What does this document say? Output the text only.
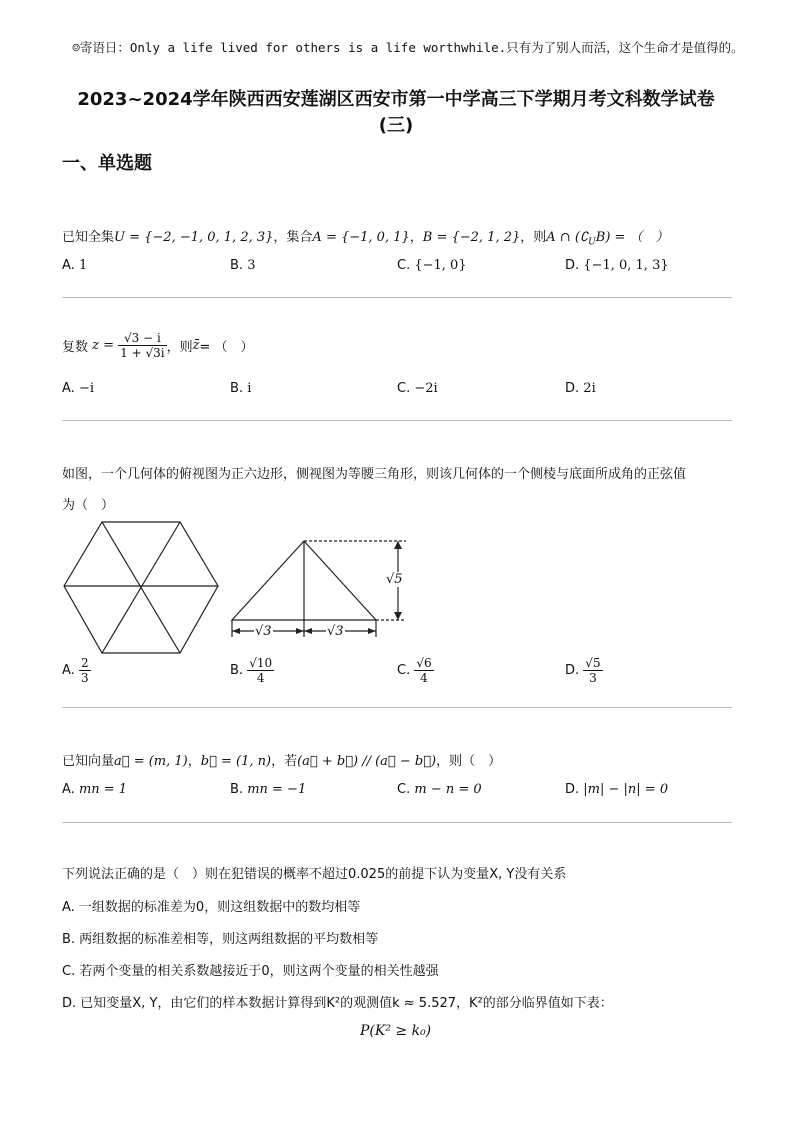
☺寄语日：Only a life lived for others is a life worthwhile.只有为了别人而活，这个生命才是值得的。
2023~2024学年陕西西安莲湖区西安市第一中学高三下学期月考文科数学试卷
(三)
一、单选题
已知全集U = {−2, −1, 0, 1, 2, 3}，集合A = {−1, 0, 1}，B = {−2, 1, 2}，则A ∩ $(∁_UB)$ = （　）
A. 1	B. 3	C. {−1, 0}	D. {−1, 0, 1, 3}
复数 $z = \frac{√3 - i}{1 + √3i}$ ，则z̄= （　）
A. −i	B. i	C. −2i	D. 2i
如图，一个几何体的俯视图为正六边形，侧视图为等腰三角形，则该几何体的一个侧棱与底面所成角的正弦值
为（　）
√5
√3	√3
A. $\frac{2}{3}$	B. $\frac{√10}{4}$	C. $\frac{√6}{4}$	D. $\frac{√5}{3}$
已知向量a⃗ = (m, 1)，b⃗ = (1, n)，若(a⃗ + b⃗) // (a⃗ − b⃗)，则（　）
A. mn = 1	B. mn = −1	C. m − n = 0	D. |m| − |n| = 0
下列说法正确的是（　）则在犯错误的概率不超过0.025的前提下认为变量X, Y没有关系
A. 一组数据的标准差为0，则这组数据中的数均相等
B. 两组数据的标准差相等，则这两组数据的平均数相等
C. 若两个变量的相关系数越接近于0，则这两个变量的相关性越强
D. 已知变量X, Y，由它们的样本数据计算得到K²的观测值k ≈ 5.527，K²的部分临界值如下表：
P(K² ≥ k₀)
